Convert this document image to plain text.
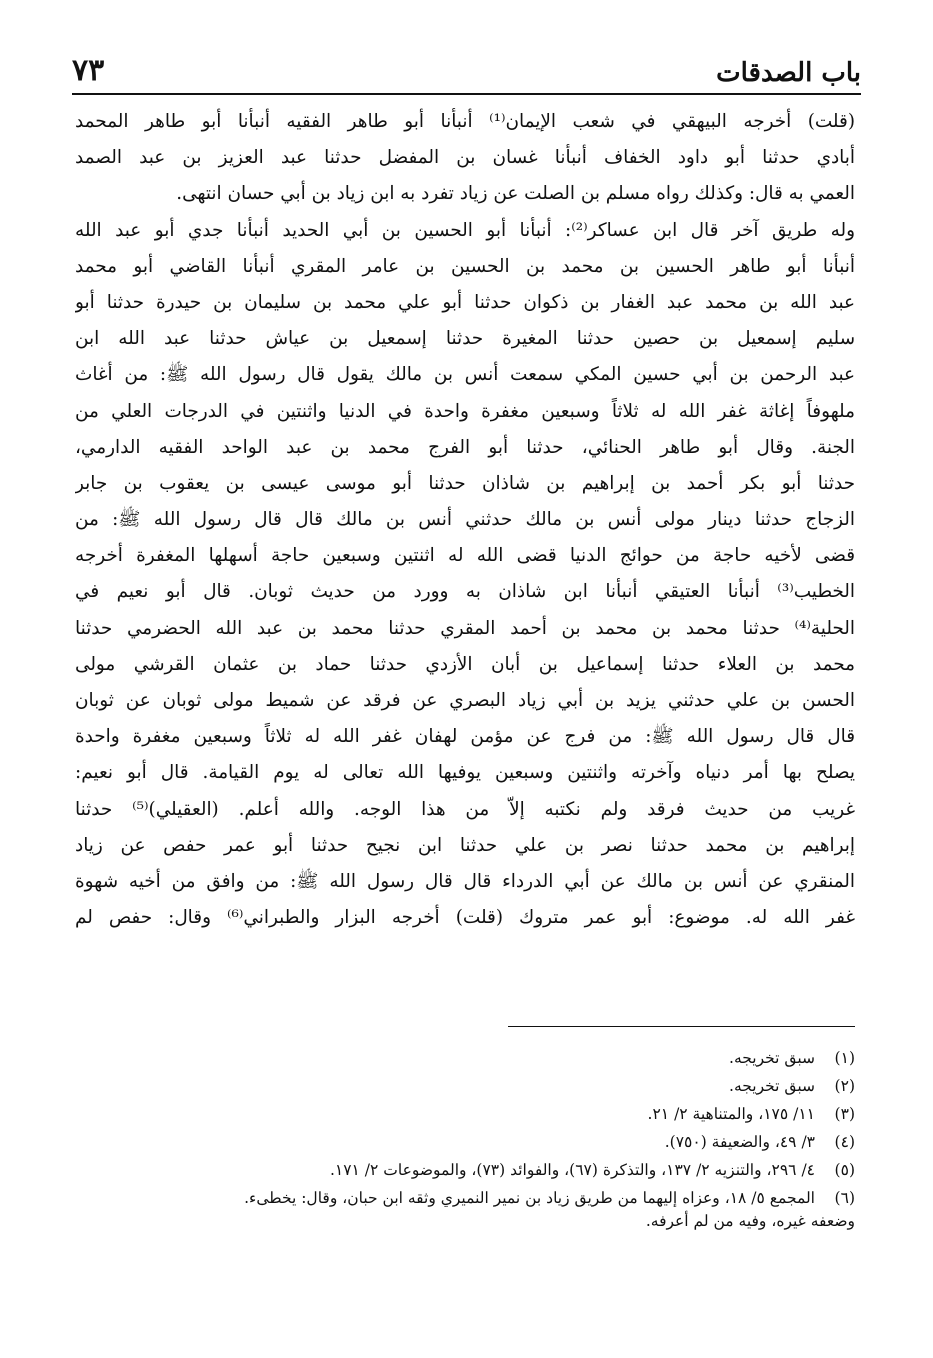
باب الصدقات
٧٣
(قلت) أخرجه البيهقي في شعب الإيمان⁽¹⁾ أنبأنا أبو طاهر الفقيه أنبأنا أبو طاهر المحمد
أبادي حدثنا أبو داود الخفاف أنبأنا غسان بن المفضل حدثنا عبد العزيز بن عبد الصمد
العمي به قال: وكذلك رواه مسلم بن الصلت عن زياد تفرد به ابن زياد بن أبي حسان انتهى.
وله طريق آخر قال ابن عساكر⁽²⁾: أنبأنا أبو الحسين بن أبي الحديد أنبأنا جدي أبو عبد الله
أنبأنا أبو طاهر الحسين بن محمد بن الحسين بن عامر المقري أنبأنا القاضي أبو محمد
عبد الله بن محمد عبد الغفار بن ذكوان حدثنا أبو علي محمد بن سليمان بن حيدرة حدثنا أبو
سليم إسمعيل بن حصين حدثنا المغيرة حدثنا إسمعيل بن عياش حدثنا عبد الله ابن
عبد الرحمن بن أبي حسين المكي سمعت أنس بن مالك يقول قال رسول الله ﷺ: من أغاث
ملهوفاً إغاثة غفر الله له ثلاثاً وسبعين مغفرة واحدة في الدنيا واثنتين في الدرجات العلي من
الجنة. وقال أبو طاهر الحنائي، حدثنا أبو الفرج محمد بن عبد الواحد الفقيه الدارمي،
حدثنا أبو بكر أحمد بن إبراهيم بن شاذان حدثنا أبو موسى عيسى بن يعقوب بن جابر
الزجاج حدثنا دينار مولى أنس بن مالك حدثني أنس بن مالك قال قال رسول الله ﷺ: من
قضى لأخيه حاجة من حوائج الدنيا قضى الله له اثنتين وسبعين حاجة أسهلها المغفرة أخرجه
الخطيب⁽³⁾ أنبأنا العتيقي أنبأنا ابن شاذان به وورد من حديث ثوبان. قال أبو نعيم في
الحلية⁽⁴⁾ حدثنا محمد بن محمد بن أحمد المقري حدثنا محمد بن عبد الله الحضرمي حدثنا
محمد بن العلاء حدثنا إسماعيل بن أبان الأزدي حدثنا حماد بن عثمان القرشي مولى
الحسن بن علي حدثني يزيد بن أبي زياد البصري عن فرقد عن شميط مولى ثوبان عن ثوبان
قال قال رسول الله ﷺ: من فرج عن مؤمن لهفان غفر الله له ثلاثاً وسبعين مغفرة واحدة
يصلح بها أمر دنياه وآخرته واثنتين وسبعين يوفيها الله تعالى له يوم القيامة. قال أبو نعيم:
غريب من حديث فرقد ولم نكتبه إلاّ من هذا الوجه. والله أعلم. (العقيلي)⁽⁵⁾ حدثنا
إبراهيم بن محمد حدثنا نصر بن علي حدثنا ابن نجيح حدثنا أبو عمر حفص عن زياد
المنقري عن أنس بن مالك عن أبي الدرداء قال قال رسول الله ﷺ: من وافق من أخيه شهوة
غفر الله له. موضوع: أبو عمر متروك (قلت) أخرجه البزار والطبراني⁽⁶⁾ وقال: حفص لم
(١)
سبق تخريجه.
(٢)
سبق تخريجه.
(٣)
١١/ ١٧٥، والمتناهية ٢/ ٢١.
(٤)
٣/ ٤٩، والضعيفة (٧٥٠).
(٥)
٤/ ٢٩٦، والتنزيه ٢/ ١٣٧، والتذكرة (٦٧)، والفوائد (٧٣)، والموضوعات ٢/ ١٧١.
(٦)
المجمع ٥/ ١٨، وعزاه إليهما من طريق زياد بن نمير النميري وثقه ابن حبان، وقال: يخطىء.
وضعفه غيره، وفيه من لم أعرفه.
